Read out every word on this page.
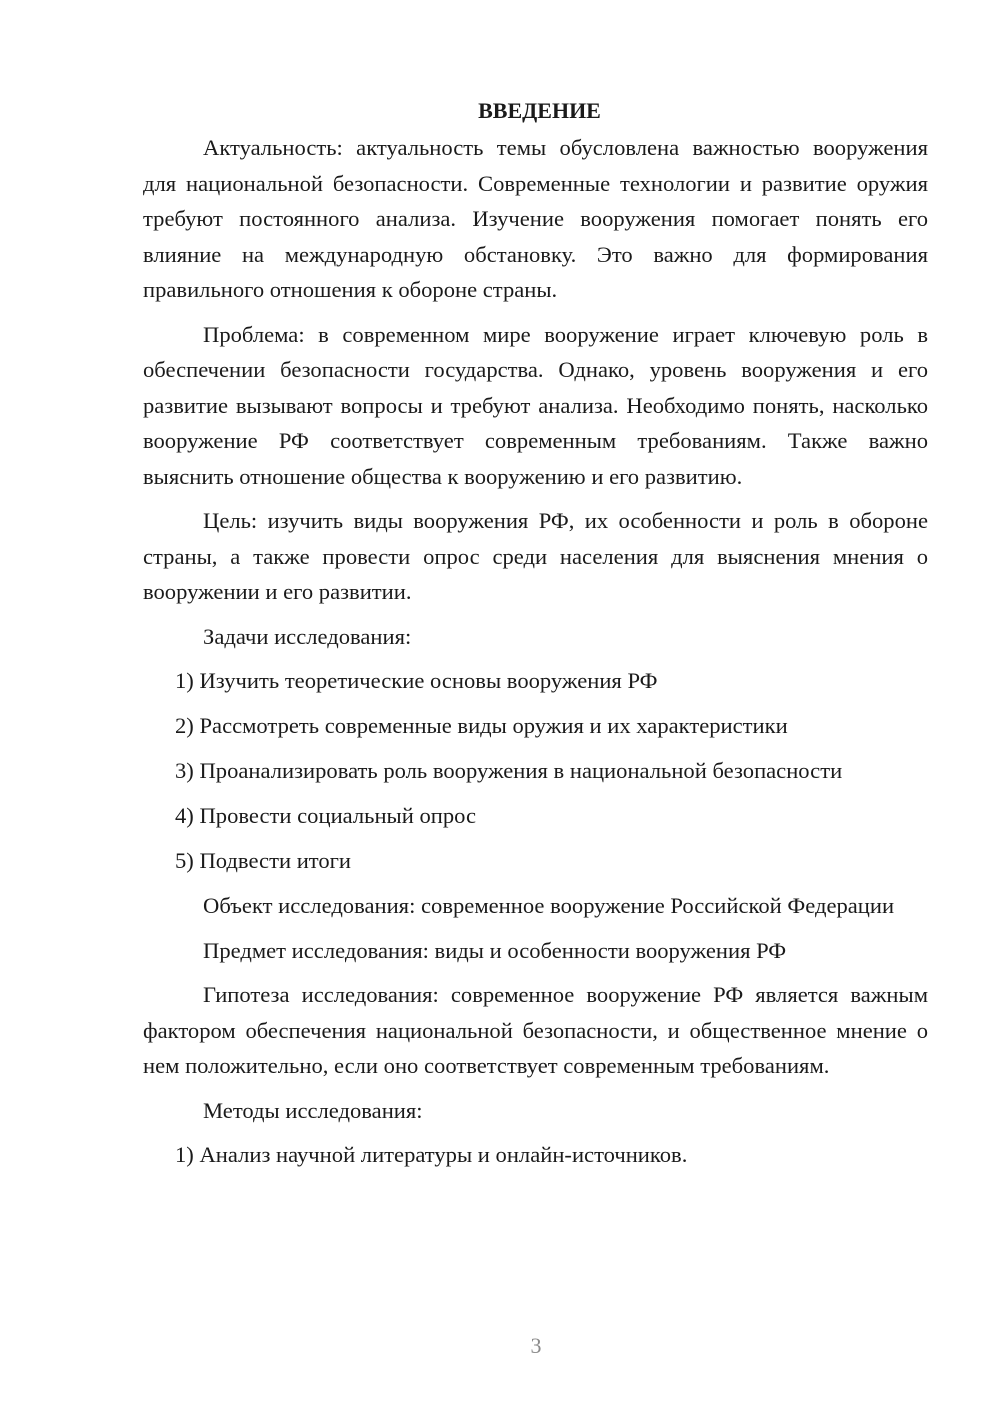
ВВЕДЕНИЕ

Актуальность: актуальность темы обусловлена важностью вооружения для национальной безопасности. Современные технологии и развитие оружия требуют постоянного анализа. Изучение вооружения помогает понять его влияние на международную обстановку. Это важно для формирования правильного отношения к обороне страны.

Проблема: в современном мире вооружение играет ключевую роль в обеспечении безопасности государства. Однако, уровень вооружения и его развитие вызывают вопросы и требуют анализа. Необходимо понять, насколько вооружение РФ соответствует современным требованиям. Также важно выяснить отношение общества к вооружению и его развитию.

Цель: изучить виды вооружения РФ, их особенности и роль в обороне страны, а также провести опрос среди населения для выяснения мнения о вооружении и его развитии.

Задачи исследования:

1) Изучить теоретические основы вооружения РФ

2) Рассмотреть современные виды оружия и их характеристики

3) Проанализировать роль вооружения в национальной безопасности

4) Провести социальный опрос

5) Подвести итоги

Объект исследования: современное вооружение Российской Федерации

Предмет исследования: виды и особенности вооружения РФ

Гипотеза исследования: современное вооружение РФ является важным фактором обеспечения национальной безопасности, и общественное мнение о нем положительно, если оно соответствует современным требованиям.

Методы исследования:

1) Анализ научной литературы и онлайн-источников.

3
